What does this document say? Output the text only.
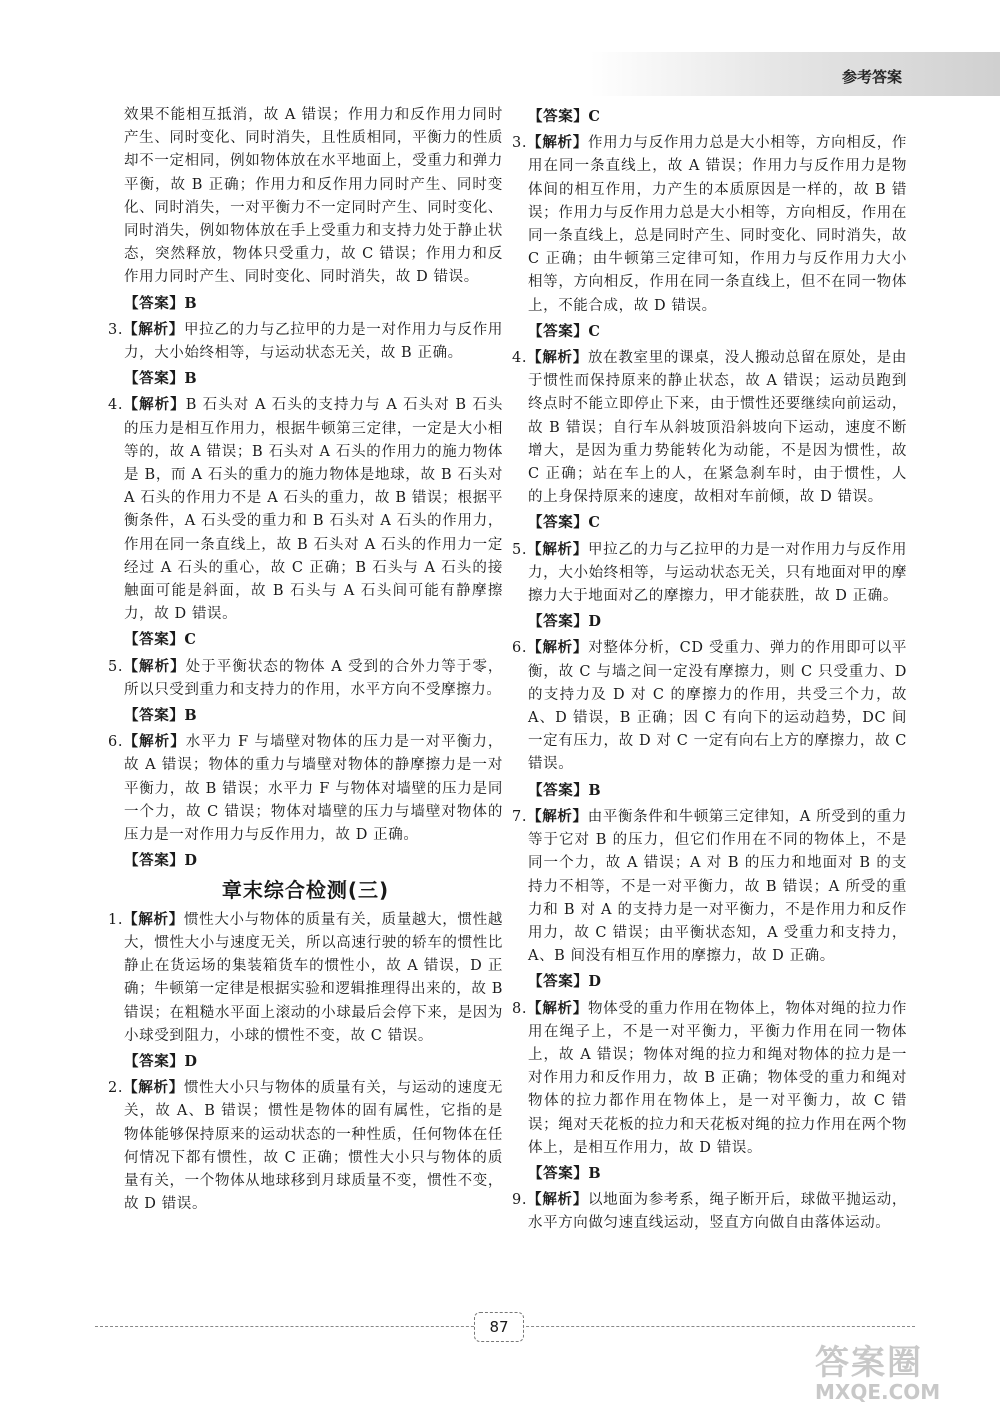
参考答案
效果不能相互抵消，故 A 错误；作用力和反作用力同时产生、同时变化、同时消失，且性质相同，平衡力的性质却不一定相同，例如物体放在水平地面上，受重力和弹力平衡，故 B 正确；作用力和反作用力同时产生、同时变化、同时消失，一对平衡力不一定同时产生、同时变化、同时消失，例如物体放在手上受重力和支持力处于静止状态，突然释放，物体只受重力，故 C 错误；作用力和反作用力同时产生、同时变化、同时消失，故 D 错误。
【答案】B
3.【解析】甲拉乙的力与乙拉甲的力是一对作用力与反作用力，大小始终相等，与运动状态无关，故 B 正确。
【答案】B
4.【解析】B 石头对 A 石头的支持力与 A 石头对 B 石头的压力是相互作用力，根据牛顿第三定律，一定是大小相等的，故 A 错误；B 石头对 A 石头的作用力的施力物体是 B，而 A 石头的重力的施力物体是地球，故 B 石头对 A 石头的作用力不是 A 石头的重力，故 B 错误；根据平衡条件，A 石头受的重力和 B 石头对 A 石头的作用力，作用在同一条直线上，故 B 石头对 A 石头的作用力一定经过 A 石头的重心，故 C 正确；B 石头与 A 石头的接触面可能是斜面，故 B 石头与 A 石头间可能有静摩擦力，故 D 错误。
【答案】C
5.【解析】处于平衡状态的物体 A 受到的合外力等于零，所以只受到重力和支持力的作用，水平方向不受摩擦力。
【答案】B
6.【解析】水平力 F 与墙壁对物体的压力是一对平衡力，故 A 错误；物体的重力与墙壁对物体的静摩擦力是一对平衡力，故 B 错误；水平力 F 与物体对墙壁的压力是同一个力，故 C 错误；物体对墙壁的压力与墙壁对物体的压力是一对作用力与反作用力，故 D 正确。
【答案】D
章末综合检测(三)
1.【解析】惯性大小与物体的质量有关，质量越大，惯性越大，惯性大小与速度无关，所以高速行驶的轿车的惯性比静止在货运场的集装箱货车的惯性小，故 A 错误，D 正确；牛顿第一定律是根据实验和逻辑推理得出来的，故 B 错误；在粗糙水平面上滚动的小球最后会停下来，是因为小球受到阻力，小球的惯性不变，故 C 错误。
【答案】D
2.【解析】惯性大小只与物体的质量有关，与运动的速度无关，故 A、B 错误；惯性是物体的固有属性，它指的是物体能够保持原来的运动状态的一种性质，任何物体在任何情况下都有惯性，故 C 正确；惯性大小只与物体的质量有关，一个物体从地球移到月球质量不变，惯性不变，故 D 错误。
【答案】C
3.【解析】作用力与反作用力总是大小相等，方向相反，作用在同一条直线上，故 A 错误；作用力与反作用力是物体间的相互作用，力产生的本质原因是一样的，故 B 错误；作用力与反作用力总是大小相等，方向相反，作用在同一条直线上，总是同时产生、同时变化、同时消失，故 C 正确；由牛顿第三定律可知，作用力与反作用力大小相等，方向相反，作用在同一条直线上，但不在同一物体上，不能合成，故 D 错误。
【答案】C
4.【解析】放在教室里的课桌，没人搬动总留在原处，是由于惯性而保持原来的静止状态，故 A 错误；运动员跑到终点时不能立即停止下来，由于惯性还要继续向前运动，故 B 错误；自行车从斜坡顶沿斜坡向下运动，速度不断增大，是因为重力势能转化为动能，不是因为惯性，故 C 正确；站在车上的人，在紧急刹车时，由于惯性，人的上身保持原来的速度，故相对车前倾，故 D 错误。
【答案】C
5.【解析】甲拉乙的力与乙拉甲的力是一对作用力与反作用力，大小始终相等，与运动状态无关，只有地面对甲的摩擦力大于地面对乙的摩擦力，甲才能获胜，故 D 正确。
【答案】D
6.【解析】对整体分析，CD 受重力、弹力的作用即可以平衡，故 C 与墙之间一定没有摩擦力，则 C 只受重力、D 的支持力及 D 对 C 的摩擦力的作用，共受三个力，故 A、D 错误，B 正确；因 C 有向下的运动趋势，DC 间一定有压力，故 D 对 C 一定有向右上方的摩擦力，故 C 错误。
【答案】B
7.【解析】由平衡条件和牛顿第三定律知，A 所受到的重力等于它对 B 的压力，但它们作用在不同的物体上，不是同一个力，故 A 错误；A 对 B 的压力和地面对 B 的支持力不相等，不是一对平衡力，故 B 错误；A 所受的重力和 B 对 A 的支持力是一对平衡力，不是作用力和反作用力，故 C 错误；由平衡状态知，A 受重力和支持力，A、B 间没有相互作用的摩擦力，故 D 正确。
【答案】D
8.【解析】物体受的重力作用在物体上，物体对绳的拉力作用在绳子上，不是一对平衡力，平衡力作用在同一物体上，故 A 错误；物体对绳的拉力和绳对物体的拉力是一对作用力和反作用力，故 B 正确；物体受的重力和绳对物体的拉力都作用在物体上，是一对平衡力，故 C 错误；绳对天花板的拉力和天花板对绳的拉力作用在两个物体上，是相互作用力，故 D 错误。
【答案】B
9.【解析】以地面为参考系，绳子断开后，球做平抛运动，水平方向做匀速直线运动，竖直方向做自由落体运动。
87
答案圈
MXQE.COM
